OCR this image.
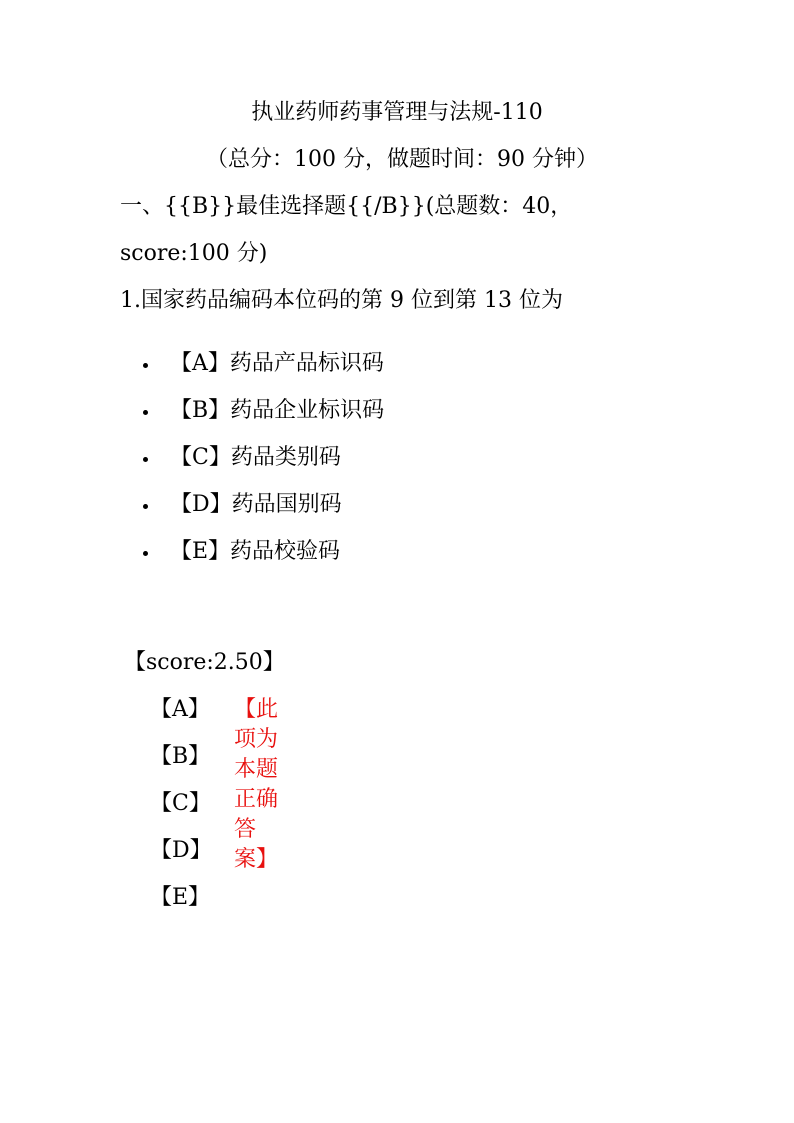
执业药师药事管理与法规-110
（总分：100 分，做题时间：90 分钟）
一、{{B}}最佳选择题{{/B}}(总题数：40，
score:100 分)
1.国家药品编码本位码的第 9 位到第 13 位为
【A】药品产品标识码
【B】药品企业标识码
【C】药品类别码
【D】药品国别码
【E】药品校验码
【score:2.50】
【A】 【此项为本题正确答案】
【B】
【C】
【D】
【E】
